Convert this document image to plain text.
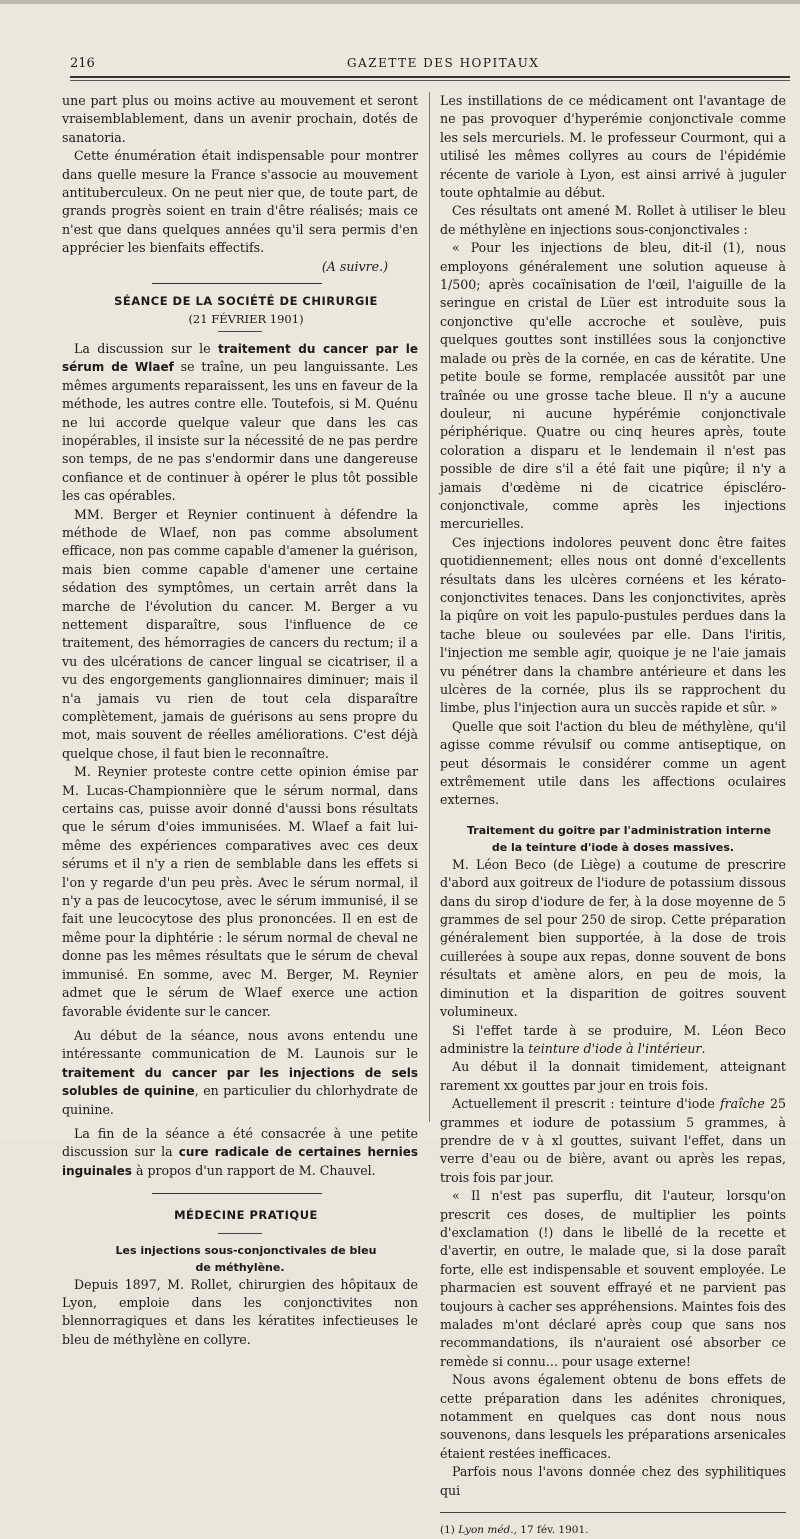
216	GAZETTE DES HOPITAUX

une part plus ou moins active au mouvement et seront vraisemblablement, dans un avenir prochain, dotés de sanatoria.

Cette énumération était indispensable pour montrer dans quelle mesure la France s'associe au mouvement antituberculeux. On ne peut nier que, de toute part, de grands progrès soient en train d'être réalisés; mais ce n'est que dans quelques années qu'il sera permis d'en apprécier les bienfaits effectifs.

(A suivre.)

SÉANCE DE LA SOCIÉTÉ DE CHIRURGIE

(21 FÉVRIER 1901)

La discussion sur le traitement du cancer par le sérum de Wlaef se traîne, un peu languissante. Les mêmes arguments reparaissent, les uns en faveur de la méthode, les autres contre elle. Toutefois, si M. Quénu ne lui accorde quelque valeur que dans les cas inopérables, il insiste sur la nécessité de ne pas perdre son temps, de ne pas s'endormir dans une dangereuse confiance et de continuer à opérer le plus tôt possible les cas opérables.

MM. Berger et Reynier continuent à défendre la méthode de Wlaef, non pas comme absolument efficace, non pas comme capable d'amener la guérison, mais bien comme capable d'amener une certaine sédation des symptômes, un certain arrêt dans la marche de l'évolution du cancer. M. Berger a vu nettement disparaître, sous l'influence de ce traitement, des hémorragies de cancers du rectum; il a vu des ulcérations de cancer lingual se cicatriser, il a vu des engorgements ganglionnaires diminuer; mais il n'a jamais vu rien de tout cela disparaître complètement, jamais de guérisons au sens propre du mot, mais souvent de réelles améliorations. C'est déjà quelque chose, il faut bien le reconnaître.

M. Reynier proteste contre cette opinion émise par M. Lucas-Championnière que le sérum normal, dans certains cas, puisse avoir donné d'aussi bons résultats que le sérum d'oies immunisées. M. Wlaef a fait lui-même des expériences comparatives avec ces deux sérums et il n'y a rien de semblable dans les effets si l'on y regarde d'un peu près. Avec le sérum normal, il n'y a pas de leucocytose, avec le sérum immunisé, il se fait une leucocytose des plus prononcées. Il en est de même pour la diphtérie : le sérum normal de cheval ne donne pas les mêmes résultats que le sérum de cheval immunisé. En somme, avec M. Berger, M. Reynier admet que le sérum de Wlaef exerce une action favorable évidente sur le cancer.

Au début de la séance, nous avons entendu une intéressante communication de M. Launois sur le traitement du cancer par les injections de sels solubles de quinine, en particulier du chlorhydrate de quinine.

La fin de la séance a été consacrée à une petite discussion sur la cure radicale de certaines hernies inguinales à propos d'un rapport de M. Chauvel.

MÉDECINE PRATIQUE

Les injections sous-conjonctivales de bleu de méthylène.

Depuis 1897, M. Rollet, chirurgien des hôpitaux de Lyon, emploie dans les conjonctivites non blennorragiques et dans les kératites infectieuses le bleu de méthylène en collyre.

Les instillations de ce médicament ont l'avantage de ne pas provoquer d'hyperémie conjonctivale comme les sels mercuriels. M. le professeur Courmont, qui a utilisé les mêmes collyres au cours de l'épidémie récente de variole à Lyon, est ainsi arrivé à juguler toute ophtalmie au début.

Ces résultats ont amené M. Rollet à utiliser le bleu de méthylène en injections sous-conjonctivales :

« Pour les injections de bleu, dit-il (1), nous employons généralement une solution aqueuse à 1/500; après cocaïnisation de l'œil, l'aiguille de la seringue en cristal de Lüer est introduite sous la conjonctive qu'elle accroche et soulève, puis quelques gouttes sont instillées sous la conjonctive malade ou près de la cornée, en cas de kératite. Une petite boule se forme, remplacée aussitôt par une traînée ou une grosse tache bleue. Il n'y a aucune douleur, ni aucune hypérémie conjonctivale périphérique. Quatre ou cinq heures après, toute coloration a disparu et le lendemain il n'est pas possible de dire s'il a été fait une piqûre; il n'y a jamais d'œdème ni de cicatrice épiscléro-conjonctivale, comme après les injections mercurielles.

Ces injections indolores peuvent donc être faites quotidiennement; elles nous ont donné d'excellents résultats dans les ulcères cornéens et les kérato-conjonctivites tenaces. Dans les conjonctivites, après la piqûre on voit les papulo-pustules perdues dans la tache bleue ou soulevées par elle. Dans l'iritis, l'injection me semble agir, quoique je ne l'aie jamais vu pénétrer dans la chambre antérieure et dans les ulcères de la cornée, plus ils se rapprochent du limbe, plus l'injection aura un succès rapide et sûr. »

Quelle que soit l'action du bleu de méthylène, qu'il agisse comme révulsif ou comme antiseptique, on peut désormais le considérer comme un agent extrêmement utile dans les affections oculaires externes.

Traitement du goitre par l'administration interne de la teinture d'iode à doses massives.

M. Léon Beco (de Liège) a coutume de prescrire d'abord aux goitreux de l'iodure de potassium dissous dans du sirop d'iodure de fer, à la dose moyenne de 5 grammes de sel pour 250 de sirop. Cette préparation généralement bien supportée, à la dose de trois cuillerées à soupe aux repas, donne souvent de bons résultats et amène alors, en peu de mois, la diminution et la disparition de goitres souvent volumineux.

Si l'effet tarde à se produire, M. Léon Beco administre la teinture d'iode à l'intérieur.

Au début il la donnait timidement, atteignant rarement xx gouttes par jour en trois fois.

Actuellement il prescrit : teinture d'iode fraîche 25 grammes et iodure de potassium 5 grammes, à prendre de v à xl gouttes, suivant l'effet, dans un verre d'eau ou de bière, avant ou après les repas, trois fois par jour.

« Il n'est pas superflu, dit l'auteur, lorsqu'on prescrit ces doses, de multiplier les points d'exclamation (!) dans le libellé de la recette et d'avertir, en outre, le malade que, si la dose paraît forte, elle est indispensable et souvent employée. Le pharmacien est souvent effrayé et ne parvient pas toujours à cacher ses appréhensions. Maintes fois des malades m'ont déclaré après coup que sans nos recommandations, ils n'auraient osé absorber ce remède si connu... pour usage externe!

Nous avons également obtenu de bons effets de cette préparation dans les adénites chroniques, notamment en quelques cas dont nous nous souvenons, dans lesquels les préparations arsenicales étaient restées inefficaces.

Parfois nous l'avons donnée chez des syphilitiques qui

(1) Lyon méd., 17 fév. 1901.
